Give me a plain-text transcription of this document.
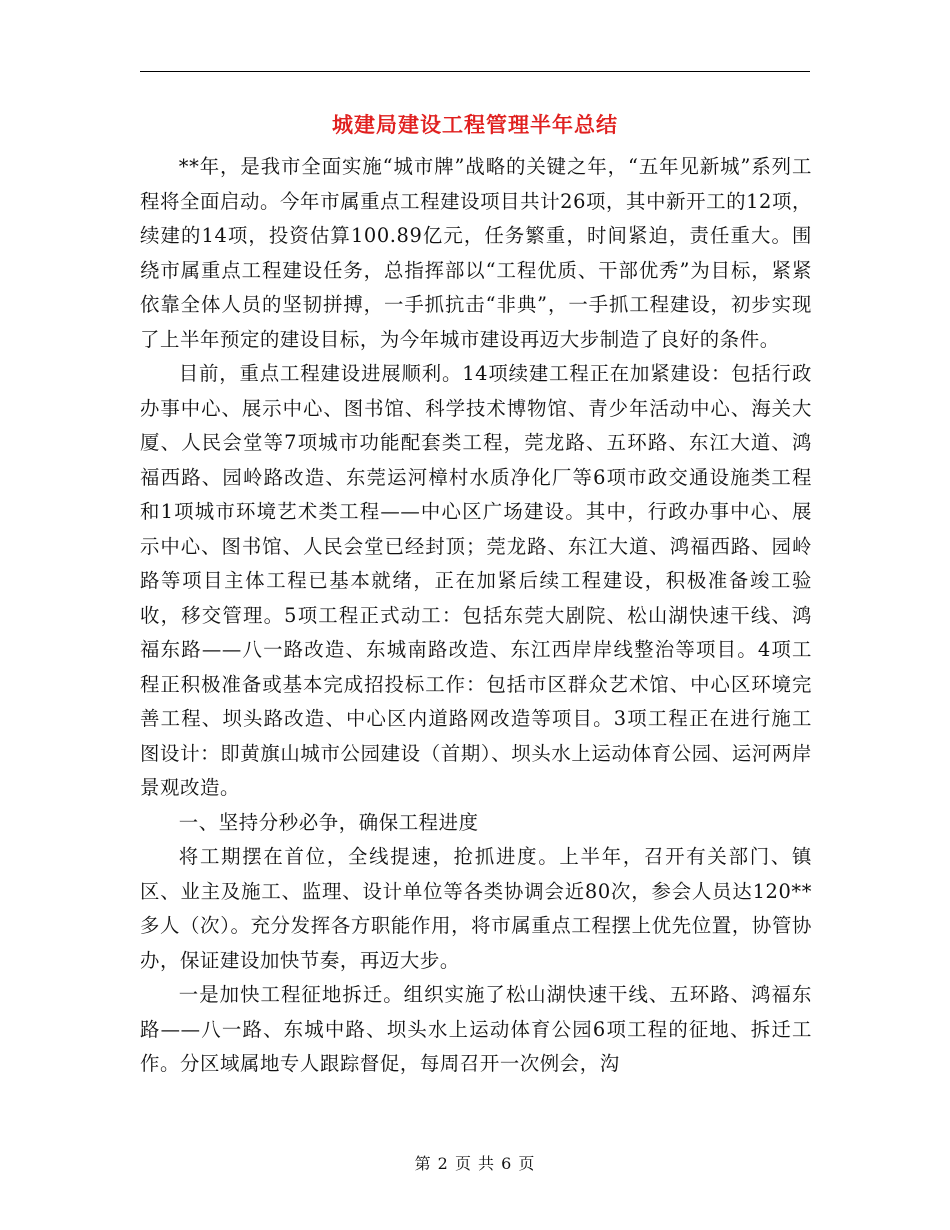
城建局建设工程管理半年总结

**年，是我市全面实施“城市牌”战略的关键之年，“五年见新城”系列工程将全面启动。今年市属重点工程建设项目共计26项，其中新开工的12项，续建的14项，投资估算100.89亿元，任务繁重，时间紧迫，责任重大。围绕市属重点工程建设任务，总指挥部以“工程优质、干部优秀”为目标，紧紧依靠全体人员的坚韧拼搏，一手抓抗击“非典”，一手抓工程建设，初步实现了上半年预定的建设目标，为今年城市建设再迈大步制造了良好的条件。

目前，重点工程建设进展顺利。14项续建工程正在加紧建设：包括行政办事中心、展示中心、图书馆、科学技术博物馆、青少年活动中心、海关大厦、人民会堂等7项城市功能配套类工程，莞龙路、五环路、东江大道、鸿福西路、园岭路改造、东莞运河樟村水质净化厂等6项市政交通设施类工程和1项城市环境艺术类工程——中心区广场建设。其中，行政办事中心、展示中心、图书馆、人民会堂已经封顶；莞龙路、东江大道、鸿福西路、园岭路等项目主体工程已基本就绪，正在加紧后续工程建设，积极准备竣工验收，移交管理。5项工程正式动工：包括东莞大剧院、松山湖快速干线、鸿福东路——八一路改造、东城南路改造、东江西岸岸线整治等项目。4项工程正积极准备或基本完成招投标工作：包括市区群众艺术馆、中心区环境完善工程、坝头路改造、中心区内道路网改造等项目。3项工程正在进行施工图设计：即黄旗山城市公园建设（首期）、坝头水上运动体育公园、运河两岸景观改造。

一、坚持分秒必争，确保工程进度

将工期摆在首位，全线提速，抢抓进度。上半年，召开有关部门、镇区、业主及施工、监理、设计单位等各类协调会近80次，参会人员达120**多人（次）。充分发挥各方职能作用，将市属重点工程摆上优先位置，协管协办，保证建设加快节奏，再迈大步。

一是加快工程征地拆迁。组织实施了松山湖快速干线、五环路、鸿福东路——八一路、东城中路、坝头水上运动体育公园6项工程的征地、拆迁工作。分区域属地专人跟踪督促，每周召开一次例会，沟

第 2 页 共 6 页
